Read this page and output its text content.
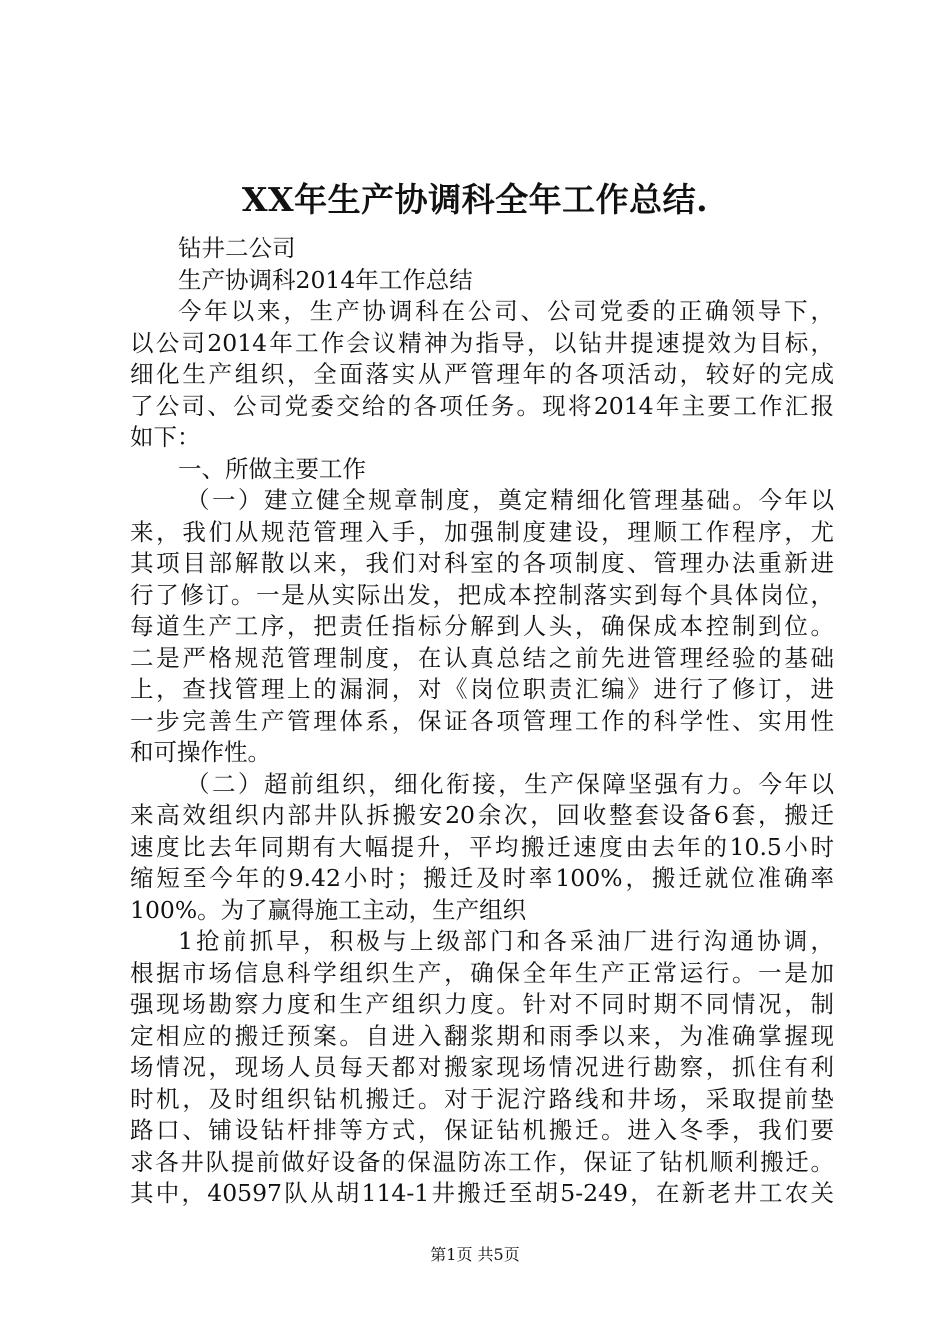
XX年生产协调科全年工作总结.
钻井二公司
生产协调科2014年工作总结
今年以来，生产协调科在公司、公司党委的正确领导下，
以公司2014年工作会议精神为指导，以钻井提速提效为目标，
细化生产组织，全面落实从严管理年的各项活动，较好的完成
了公司、公司党委交给的各项任务。现将2014年主要工作汇报
如下：
一、所做主要工作
（一）建立健全规章制度，奠定精细化管理基础。今年以
来，我们从规范管理入手，加强制度建设，理顺工作程序，尤
其项目部解散以来，我们对科室的各项制度、管理办法重新进
行了修订。一是从实际出发，把成本控制落实到每个具体岗位，
每道生产工序，把责任指标分解到人头，确保成本控制到位。
二是严格规范管理制度，在认真总结之前先进管理经验的基础
上，查找管理上的漏洞，对《岗位职责汇编》进行了修订，进
一步完善生产管理体系，保证各项管理工作的科学性、实用性
和可操作性。
（二）超前组织，细化衔接，生产保障坚强有力。今年以
来高效组织内部井队拆搬安20余次，回收整套设备6套，搬迁
速度比去年同期有大幅提升，平均搬迁速度由去年的10.5小时
缩短至今年的9.42小时；搬迁及时率100%，搬迁就位准确率
100%。为了赢得施工主动，生产组织
1抢前抓早，积极与上级部门和各采油厂进行沟通协调，
根据市场信息科学组织生产，确保全年生产正常运行。一是加
强现场勘察力度和生产组织力度。针对不同时期不同情况，制
定相应的搬迁预案。自进入翻浆期和雨季以来，为准确掌握现
场情况，现场人员每天都对搬家现场情况进行勘察，抓住有利
时机，及时组织钻机搬迁。对于泥泞路线和井场，采取提前垫
路口、铺设钻杆排等方式，保证钻机搬迁。进入冬季，我们要
求各井队提前做好设备的保温防冻工作，保证了钻机顺利搬迁。
其中，40597队从胡114-1井搬迁至胡5-249，在新老井工农关
第1页 共5页
